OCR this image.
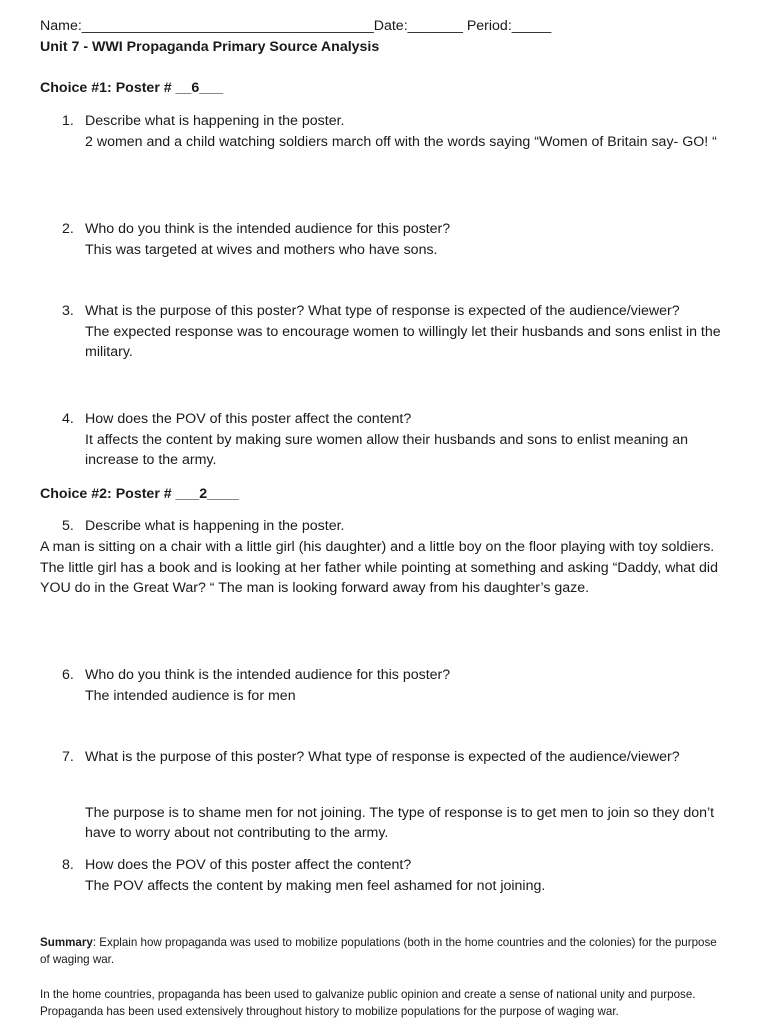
Name:_____________________________________Date:_______ Period:_____
Unit 7 - WWI Propaganda Primary Source Analysis
Choice #1: Poster # __6___
1. Describe what is happening in the poster.
2 women and a child watching soldiers march off with the words saying “Women of Britain say- GO! “
2. Who do you think is the intended audience for this poster?
This was targeted at wives and mothers who have sons.
3. What is the purpose of this poster? What type of response is expected of the audience/viewer?
The expected response was to encourage women to willingly let their husbands and sons enlist in the military.
4. How does the POV of this poster affect the content?
It affects the content by making sure women allow their husbands and sons to enlist meaning an increase to the army.
Choice #2: Poster # ___2____
5. Describe what is happening in the poster.
A man is sitting on a chair with a little girl (his daughter) and a little boy on the floor playing with toy soldiers. The little girl has a book and is looking at her father while pointing at something and asking “Daddy, what did YOU do in the Great War? “ The man is looking forward away from his daughter’s gaze.
6. Who do you think is the intended audience for this poster?
The intended audience is for men
7. What is the purpose of this poster? What type of response is expected of the audience/viewer?
The purpose is to shame men for not joining. The type of response is to get men to join so they don’t have to worry about not contributing to the army.
8. How does the POV of this poster affect the content?
The POV affects the content by making men feel ashamed for not joining.
Summary: Explain how propaganda was used to mobilize populations (both in the home countries and the colonies) for the purpose of waging war.
In the home countries, propaganda has been used to galvanize public opinion and create a sense of national unity and purpose. Propaganda has been used extensively throughout history to mobilize populations for the purpose of waging war.
